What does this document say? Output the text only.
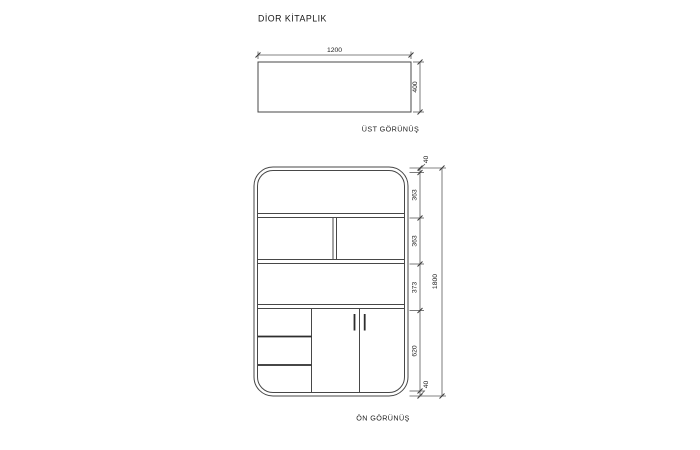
DİOR KİTAPLIK
1200
400
ÜST GÖRÜNÜŞ
40
363
363
373
620
40
1800
ÖN GÖRÜNÜŞ
